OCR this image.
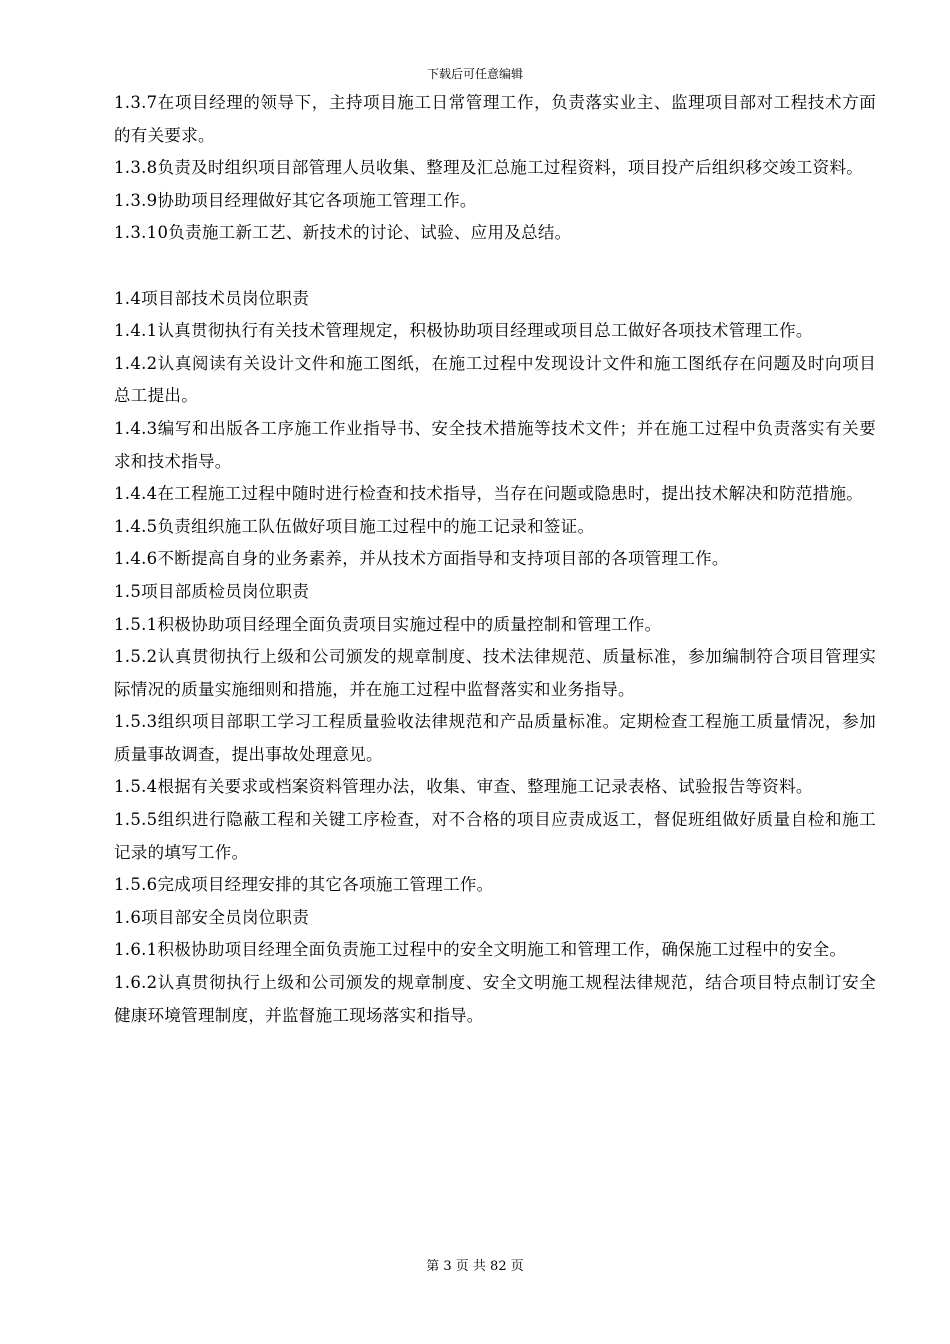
下载后可任意编辑

1.3.7在项目经理的领导下，主持项目施工日常管理工作，负责落实业主、监理项目部对工程技术方面的有关要求。

1.3.8负责及时组织项目部管理人员收集、整理及汇总施工过程资料，项目投产后组织移交竣工资料。

1.3.9协助项目经理做好其它各项施工管理工作。

1.3.10负责施工新工艺、新技术的讨论、试验、应用及总结。

1.4项目部技术员岗位职责

1.4.1认真贯彻执行有关技术管理规定，积极协助项目经理或项目总工做好各项技术管理工作。

1.4.2认真阅读有关设计文件和施工图纸，在施工过程中发现设计文件和施工图纸存在问题及时向项目总工提出。

1.4.3编写和出版各工序施工作业指导书、安全技术措施等技术文件；并在施工过程中负责落实有关要求和技术指导。

1.4.4在工程施工过程中随时进行检查和技术指导，当存在问题或隐患时，提出技术解决和防范措施。

1.4.5负责组织施工队伍做好项目施工过程中的施工记录和签证。

1.4.6不断提高自身的业务素养，并从技术方面指导和支持项目部的各项管理工作。

1.5项目部质检员岗位职责

1.5.1积极协助项目经理全面负责项目实施过程中的质量控制和管理工作。

1.5.2认真贯彻执行上级和公司颁发的规章制度、技术法律规范、质量标准，参加编制符合项目管理实际情况的质量实施细则和措施，并在施工过程中监督落实和业务指导。

1.5.3组织项目部职工学习工程质量验收法律规范和产品质量标准。定期检查工程施工质量情况，参加质量事故调查，提出事故处理意见。

1.5.4根据有关要求或档案资料管理办法，收集、审查、整理施工记录表格、试验报告等资料。

1.5.5组织进行隐蔽工程和关键工序检查，对不合格的项目应责成返工，督促班组做好质量自检和施工记录的填写工作。

1.5.6完成项目经理安排的其它各项施工管理工作。

1.6项目部安全员岗位职责

1.6.1积极协助项目经理全面负责施工过程中的安全文明施工和管理工作，确保施工过程中的安全。

1.6.2认真贯彻执行上级和公司颁发的规章制度、安全文明施工规程法律规范，结合项目特点制订安全健康环境管理制度，并监督施工现场落实和指导。

第 3 页 共 82 页
